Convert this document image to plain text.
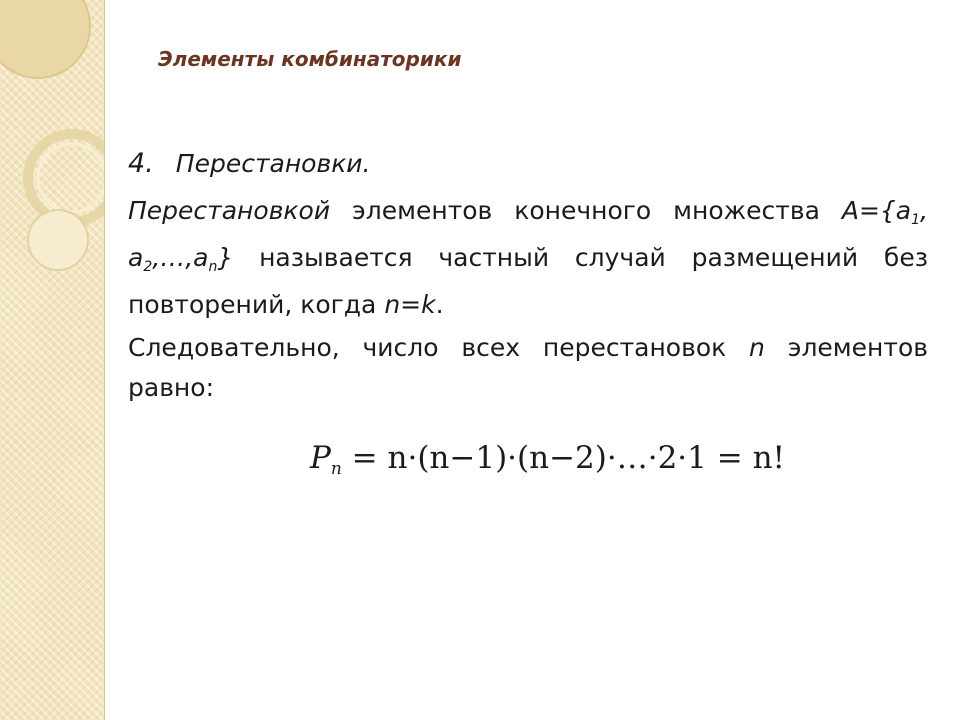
Элементы комбинаторики

4. Перестановки.

Перестановкой элементов конечного множества $A=\{a_1$, $a_2,\dots,a_n$} называется частный случай размещений без повторений, когда n=k.

Следовательно, число всех перестановок n элементов равно:

Pn = n·(n−1)·(n−2)·…·2·1 = n!
